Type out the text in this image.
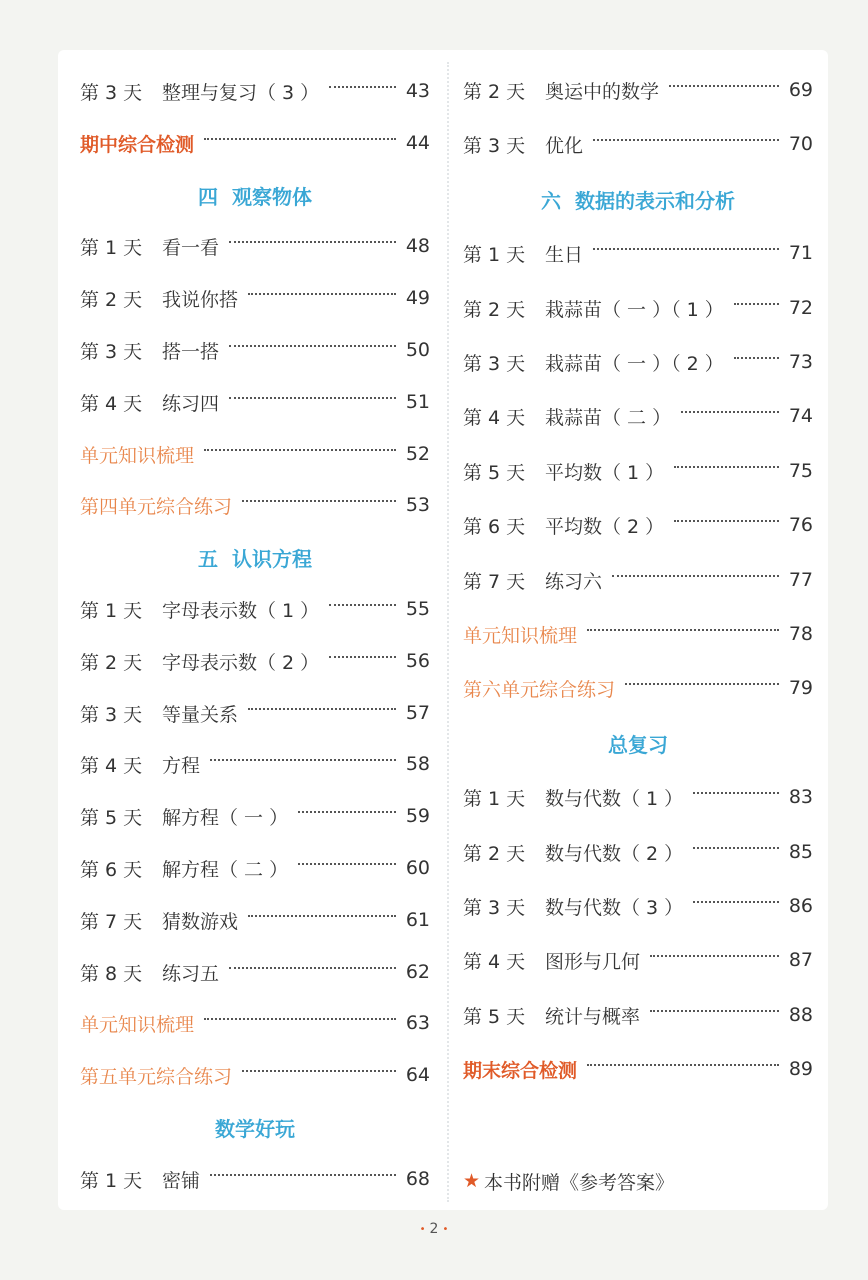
第 3 天	整理与复习（ 3 ）	43
期中综合检测	44
四  观察物体
第 1 天	看一看	48
第 2 天	我说你搭	49
第 3 天	搭一搭	50
第 4 天	练习四	51
单元知识梳理	52
第四单元综合练习	53
五  认识方程
第 1 天	字母表示数（ 1 ）	55
第 2 天	字母表示数（ 2 ）	56
第 3 天	等量关系	57
第 4 天	方程	58
第 5 天	解方程（ 一 ）	59
第 6 天	解方程（ 二 ）	60
第 7 天	猜数游戏	61
第 8 天	练习五	62
单元知识梳理	63
第五单元综合练习	64
数学好玩
第 1 天	密铺	68
第 2 天	奥运中的数学	69
第 3 天	优化	70
六  数据的表示和分析
第 1 天	生日	71
第 2 天	栽蒜苗（ 一 ）（ 1 ）	72
第 3 天	栽蒜苗（ 一 ）（ 2 ）	73
第 4 天	栽蒜苗（ 二 ）	74
第 5 天	平均数（ 1 ）	75
第 6 天	平均数（ 2 ）	76
第 7 天	练习六	77
单元知识梳理	78
第六单元综合练习	79
总复习
第 1 天	数与代数（ 1 ）	83
第 2 天	数与代数（ 2 ）	85
第 3 天	数与代数（ 3 ）	86
第 4 天	图形与几何	87
第 5 天	统计与概率	88
期末综合检测	89
★ 本书附赠《参考答案》
• 2 •
